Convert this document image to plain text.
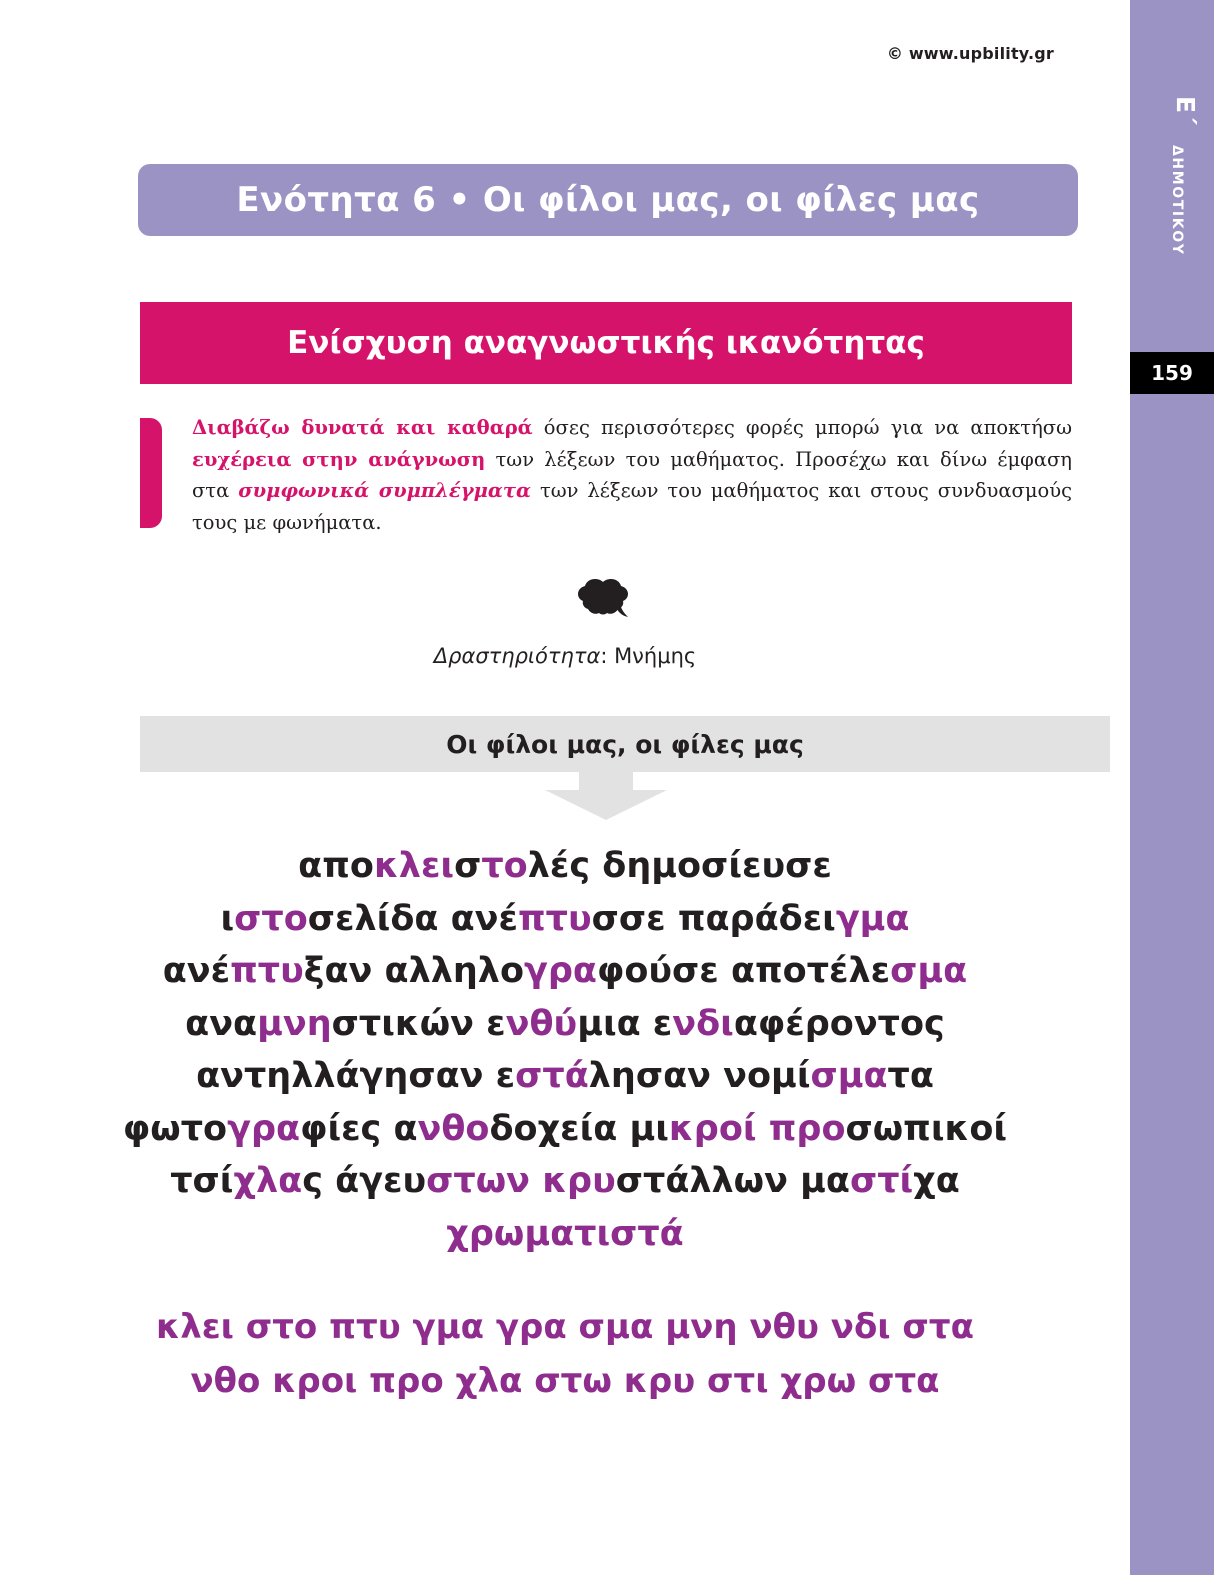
© www.upbility.gr
Ενότητα 6 • Οι φίλοι μας, οι φίλες μας
Ενίσχυση αναγνωστικής ικανότητας
Διαβάζω δυνατά και καθαρά όσες περισσότερες φορές μπορώ για να αποκτήσω ευχέρεια στην ανάγνωση των λέξεων του μαθήματος. Προσέχω και δίνω έμφαση στα συμφωνικά συμπλέγματα των λέξεων του μαθήματος και στους συνδυασμούς τους με φωνήματα.
Δραστηριότητα: Μνήμης
Οι φίλοι μας, οι φίλες μας
αποκλειστολές δημοσίευσε
ιστοσελίδα ανέπτυσσε παράδειγμα
ανέπτυξαν αλληλογραφούσε αποτέλεσμα
αναμνηστικών ενθύμια ενδιαφέροντος
αντηλλάγησαν εστάλησαν νομίσματα
φωτογραφίες ανθοδοχεία μικροί προσωπικοί
τσίχλας άγευστων κρυστάλλων μαστίχα
χρωματιστά
κλει στο πτυ γμα γρα σμα μνη νθυ νδι στα
νθο κροι προ χλα στω κρυ στι χρω στα
Ε´
ΔΗΜΟΤΙΚΟΥ
159
